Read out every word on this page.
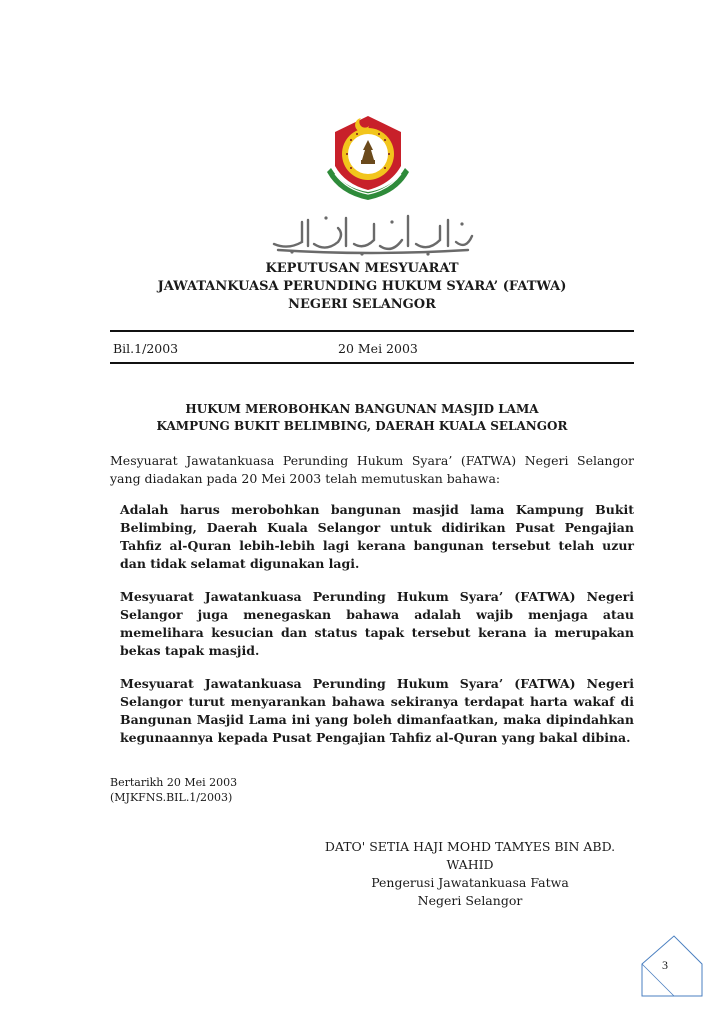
KEPUTUSAN MESYUARAT
JAWATANKUASA PERUNDING HUKUM SYARA’ (FATWA)
NEGERI SELANGOR
Bil.1/2003	20 Mei 2003
HUKUM MEROBOHKAN BANGUNAN MASJID LAMA
KAMPUNG BUKIT BELIMBING, DAERAH KUALA SELANGOR
Mesyuarat Jawatankuasa Perunding Hukum Syara’ (FATWA) Negeri Selangor yang diadakan pada 20 Mei 2003 telah memutuskan bahawa:
Adalah harus merobohkan bangunan masjid lama Kampung Bukit Belimbing, Daerah Kuala Selangor untuk didirikan Pusat Pengajian Tahfiz al-Quran lebih-lebih lagi kerana bangunan tersebut telah uzur dan tidak selamat digunakan lagi.
Mesyuarat Jawatankuasa Perunding Hukum Syara’ (FATWA) Negeri Selangor juga menegaskan bahawa adalah wajib menjaga atau memelihara kesucian dan status tapak tersebut kerana ia merupakan bekas tapak masjid.
Mesyuarat Jawatankuasa Perunding Hukum Syara’ (FATWA) Negeri Selangor turut menyarankan bahawa sekiranya terdapat harta wakaf di Bangunan Masjid Lama ini yang boleh dimanfaatkan, maka dipindahkan kegunaannya kepada Pusat Pengajian Tahfiz al-Quran yang bakal dibina.
Bertarikh 20 Mei 2003
(MJKFNS.BIL.1/2003)
DATO' SETIA HAJI MOHD TAMYES BIN ABD. WAHID
Pengerusi Jawatankuasa Fatwa
Negeri Selangor
3
